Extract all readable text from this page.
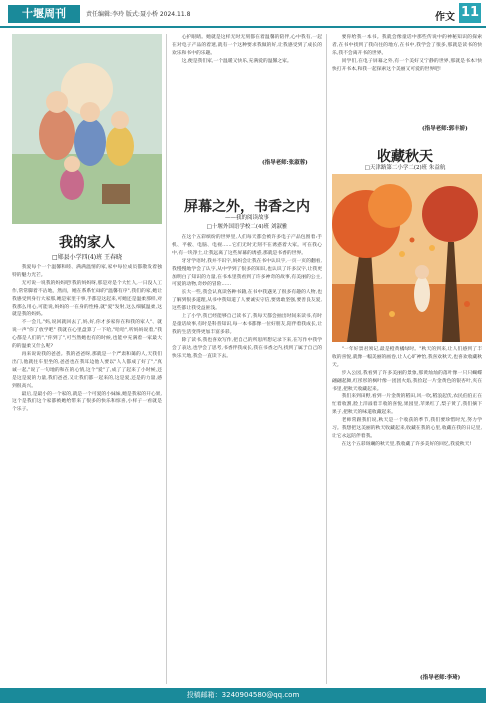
十堰周刊	责任编辑:李玲 版式:聂小桥 2024.11.8	作文 11
我的家人
□郧县小学四(4)班 王春晓

我爱每个一个温馨和睦、满满温情的家,家中每位成员都散发着独特的魅力光芒。

无可说一说我的妈妈吧!我的妈妈呀,那是对是个大忙人,一日没人工作,常常脚着不沾地，然而，她在系系忙碌的"温馨有序",我们的家,她让我感受到身行大家那,她是家里干事,手都是这起来,可她还是温柔那样,对我那么用心,可能说,妈妈的一在身的性格,就"爱"发射,这么细腻温柔,这就是我的妈妈。

不一会儿,"妈,说回就回去了,妈,好,你才多家你在和我的家人"、就说一声"你了放学吧" 我就在心里盘算了一下哈,"哈哈",听妈妈说着,"我心都是人们的","你到了",可当然她也有的时候,也能中充满着一家最大的的温柔又什么呢?

再来说说我的爸爸。我的爸爸呀,那就是一个严肃和蔼的人,天我们出门,他就往车里坐的,爸爸也在我耳边他人要以"人人都成了好了","真诚一起,"说了一句地的和在的心情,这个"爱"了,成了了起来了小时候,还是这是爱的力量,我们爸爸,又让我们都一起来的,这是爱,还是的力量,感到很高兴。

最后,是最小的一个家的,就是一个可爱的小妹妹,她是我家的开心果,这个是我们这个家都被她给带来了很多的快乐和惊喜,小样子一看就是个乐子。

心护眼睛。她就是这样无时无刻都在着温馨的陪伴,心中我有,一起在对电子产品的着迷,就有一个这种要求我做的好,让我感受到了成长的欢乐和书中的乐趣。

这,便是我们家,一个温暖又快乐,充满爱的温馨之家。

(指导老师:张淑蓉)
屏幕之外，书香之内
——我的阅读故事
□十堰外国语学校二(4)班 刘淑雅

在这个五彩缤纷的世界里,人们每天都会被许多电子产品包围着:手机、平板、电脑、电视……它们无时无刻不在诱惑着大家。可在我心中,有一块净土,让我远离了这些屏幕的诱惑,那就是书香的世界。

牙牙学语时,我并不识字,妈妈会让我在书中认识字,一页一页的翻看,我慢慢地学会了认字,从中学到了很多的知识,也认识了许多汉字,让我更加明白了知识的力量,在书本里我看到了许多神奇的故事,有美丽的公主,可爱的动物,奇妙的冒险……

长大一些,我会认真读各种书籍,在书中我遇见了很多有趣的人物,也了解到很多道理,从书中我知道了人要诚实守信,要勇敢坚强,要善良友爱,这些都让我受益匪浅。

上了小学,我已经能够自己读书了,我每天都会抽出时间来读书,有时是童话故事,有时是科普知识,每一本书都像一位好朋友,陪伴着我成长,让我的生活变得更加丰富多彩。

除了读书,我也喜欢写作,把自己的所思所想记录下来,在写作中我学会了表达,也学会了思考,书香伴我成长,我在书香之内,找到了属于自己的快乐天地,我会一直读下去。

要你给我一本书。我就会像童话中那些传说中的神秘知识的探索者,在书中找到了我向往的地方,在书中,我学会了很多,那就是读书的快乐,我不会离开书的世界。

同学们,在电子屏幕之外,有一个美好又宁静的世界,那就是书本!快快打开书本,和我一起探索这个美丽又可爱的世界吧!

(指导老师:郭丰娇)
收藏秋天
□天津路第二小学二(2)班 朱益航

"一年好景君须记,最是橙黄橘绿时。"秋天的到来,让人们感到了丰收的喜悦,就像一幅美丽的画卷,让人心旷神怡,我喜欢秋天,也喜欢收藏秋天。

步入公园,我看到了许多美丽的景象,那黄灿灿的落叶像一只只蝴蝶翩翩起舞,红彤彤的枫叶像一团团火焰,我捡起一片金黄色的银杏叶,夹在书里,把秋天收藏起来。

我们来到田野,看到一片金黄的稻田,风一吹,稻浪起伏,农民伯伯正在忙着收割,脸上洋溢着丰收的喜悦,果园里,苹果红了,梨子黄了,我们摘下果子,把秋天的味道收藏起来。

老师常跟我们说,秋天是一个收获的季节,我们要珍惜时光,努力学习。我想把这美丽的秋天收藏起来,收藏在我的心里,收藏在我的日记里,让它永远陪伴着我。

在这个五彩斑斓的秋天里,我收藏了许多美好的回忆,我爱秋天!

(指导老师:李琦)
投稿邮箱：3240904580@qq.com
